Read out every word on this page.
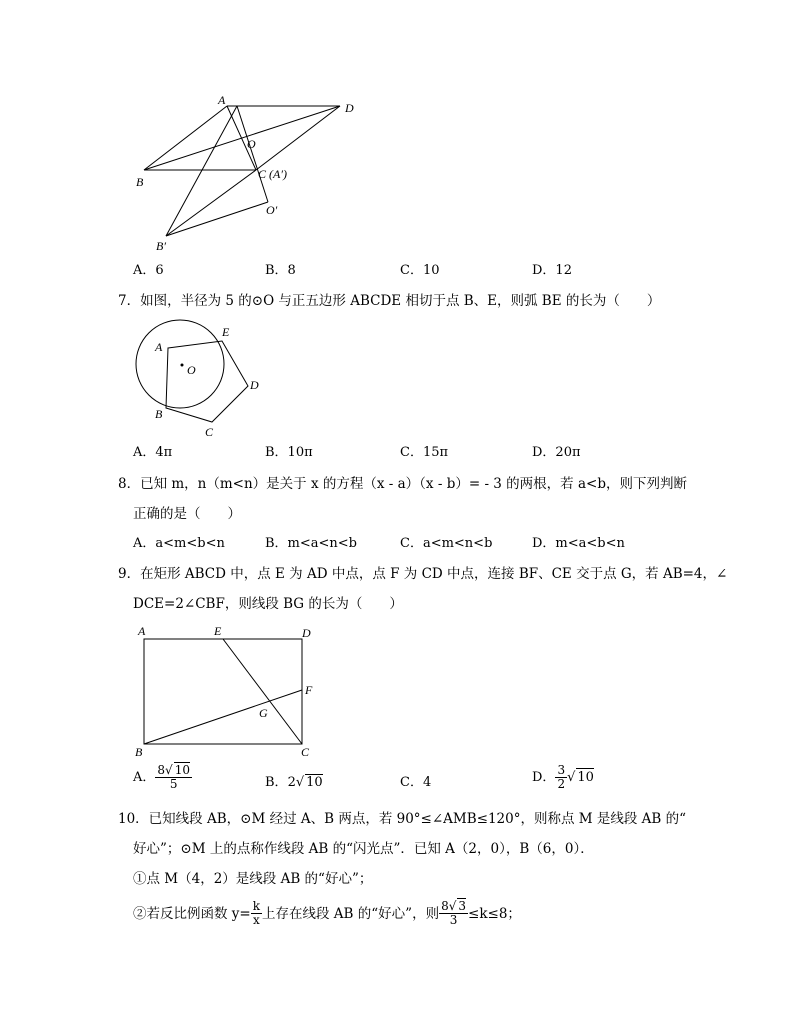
A
D
O
B
C (A′)
O′
B′
A．6	B．8	C．10	D．12
7．如图，半径为 5 的⊙O 与正五边形 ABCDE 相切于点 B、E，则弧 BE 的长为（　　）
A
E
O
D
B
C
A．4π	B．10π	C．15π	D．20π
8．已知 m，n（m<n）是关于 x 的方程（x - a）（x - b）= - 3 的两根，若 a<b，则下列判断
正确的是（　　）
A．a<m<b<n	B．m<a<n<b	C．a<m<n<b	D．m<a<b<n
9．在矩形 ABCD 中，点 E 为 AD 中点，点 F 为 CD 中点，连接 BF、CE 交于点 G，若 AB=4，∠
DCE=2∠CBF，则线段 BG 的长为（　　）
A	E	D
F
G
B	C
A． $\frac{8√ 10}{5}$	B．2√ 10	C．4	D． $\frac{3}{2}$ √ 10
10．已知线段 AB，⊙M 经过 A、B 两点，若 90°≤∠AMB≤120°，则称点 M 是线段 AB 的“
好心”；⊙M 上的点称作线段 AB 的“闪光点”．已知 A（2，0），B（6，0）．
①点 M（4，2）是线段 AB 的“好心”；
②若反比例函数 $y= \frac{k}{x}$ 上存在线段 AB 的“好心”，则 $\frac{8√ 3}{3} \le k\le 8$；
